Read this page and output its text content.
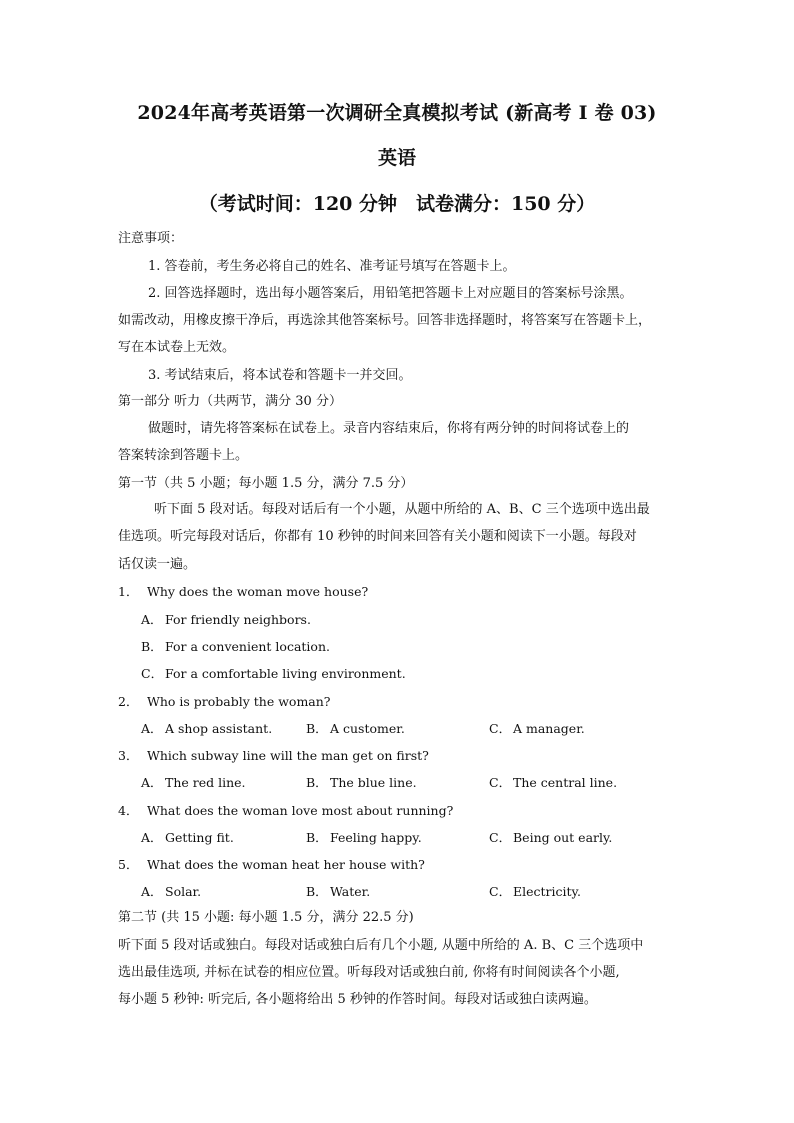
2024年高考英语第一次调研全真模拟考试 (新高考 I 卷 03)
英语
（考试时间：120 分钟　试卷满分：150 分）
注意事项：
1. 答卷前，考生务必将自己的姓名、准考证号填写在答题卡上。
2. 回答选择题时，选出每小题答案后，用铅笔把答题卡上对应题目的答案标号涂黑。
如需改动，用橡皮擦干净后，再选涂其他答案标号。回答非选择题时，将答案写在答题卡上，
写在本试卷上无效。
3. 考试结束后，将本试卷和答题卡一并交回。
第一部分 听力（共两节，满分 30 分）
做题时，请先将答案标在试卷上。录音内容结束后，你将有两分钟的时间将试卷上的
答案转涂到答题卡上。
第一节（共 5 小题；每小题 1.5 分，满分 7.5 分）
听下面 5 段对话。每段对话后有一个小题，从题中所给的 A、B、C 三个选项中选出最
佳选项。听完每段对话后，你都有 10 秒钟的时间来回答有关小题和阅读下一小题。每段对
话仅读一遍。
1． Why does the woman move house?
A． For friendly neighbors.
B． For a convenient location.
C． For a comfortable living environment.
2． Who is probably the woman?
A． A shop assistant.	B． A customer.	C． A manager.
3． Which subway line will the man get on first?
A． The red line.	B． The blue line.	C． The central line.
4． What does the woman love most about running?
A． Getting fit.	B． Feeling happy.	C． Being out early.
5． What does the woman heat her house with?
A． Solar.	B． Water.	C． Electricity.
第二节 (共 15 小题: 每小题 1.5 分，满分 22.5 分)
听下面 5 段对话或独白。每段对话或独白后有几个小题, 从题中所给的 A. B、C 三个选项中
选出最佳选项, 并标在试卷的相应位置。听每段对话或独白前, 你将有时间阅读各个小题,
每小题 5 秒钟: 听完后, 各小题将给出 5 秒钟的作答时间。每段对话或独白读两遍。
